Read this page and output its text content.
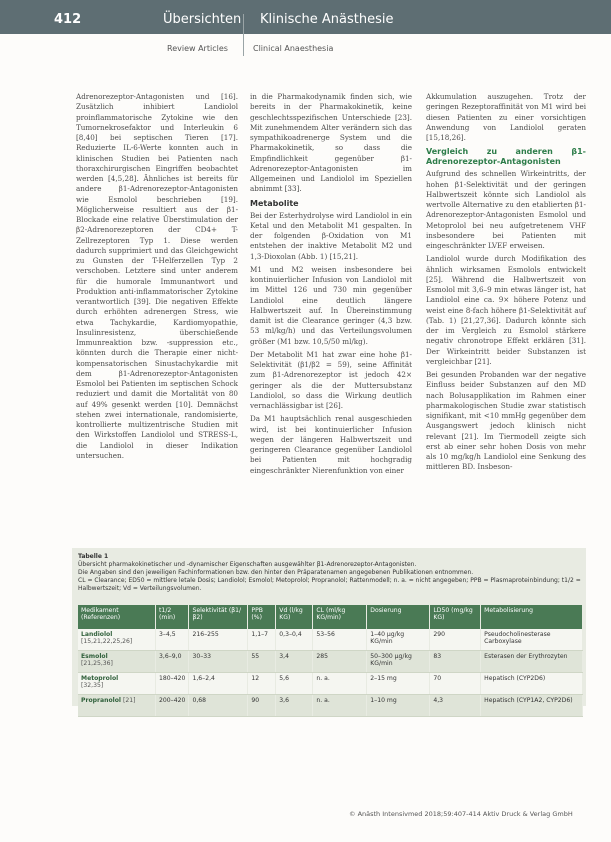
412	Übersichten Klinische Anästhesie
Review Articles	Clinical Anaesthesia

Adrenorezeptor-Antagonisten und [16]. Zusätzlich inhibiert Landiolol proinflammatorische Zytokine wie den Tumornekrosefaktor und Interleukin 6 [8,40] bei septischen Tieren [17]. Reduzierte IL-6-Werte konnten auch in klinischen Studien bei Patienten nach thoraxchirurgischen Eingriffen beobachtet werden [4,5,28]. Ähnliches ist bereits für andere β1-Adrenorezeptor-Antagonisten wie Esmolol beschrieben [19]. Möglicherweise resultiert aus der β1-Blockade eine relative Überstimulation der β2-Adrenorezeptoren der CD4+ T-Zellrezeptoren Typ 1. Diese werden dadurch supprimiert und das Gleichgewicht zu Gunsten der T-Helferzellen Typ 2 verschoben. Letztere sind unter anderem für die humorale Immunantwort und Produktion anti-inflammatorischer Zytokine verantwortlich [39]. Die negativen Effekte durch erhöhten adrenergen Stress, wie etwa Tachykardie, Kardiomyopathie, Insulinresistenz, überschießende Immunreaktion bzw. -suppression etc., könnten durch die Therapie einer nicht-kompensatorischen Sinustachykardie mit dem β1-Adrenorezeptor-Antagonisten Esmolol bei Patienten im septischen Schock reduziert und damit die Mortalität von 80 auf 49% gesenkt werden [10]. Demnächst stehen zwei internationale, randomisierte, kontrollierte multizentrische Studien mit den Wirkstoffen Landiolol und STRESS-L, die Landiolol in dieser Indikation untersuchen.

in die Pharmakodynamik finden sich, wie bereits in der Pharmakokinetik, keine geschlechtsspezifischen Unterschiede [23]. Mit zunehmendem Alter verändern sich das sympathikoadrenerge System und die Pharmakokinetik, so dass die Empfindlichkeit gegenüber β1-Adrenorezeptor-Antagonisten im Allgemeinen und Landiolol im Speziellen abnimmt [33].

Metabolite

Bei der Esterhydrolyse wird Landiolol in ein Ketal und den Metabolit M1 gespalten. In der folgenden β-Oxidation von M1 entstehen der inaktive Metabolit M2 und 1,3-Dioxolan (Abb. 1) [15,21].

M1 und M2 weisen insbesondere bei kontinuierlicher Infusion von Landiolol mit im Mittel 126 und 730 min gegenüber Landiolol eine deutlich längere Halbwertszeit auf. In Übereinstimmung damit ist die Clearance geringer (4,3 bzw. 53 ml/kg/h) und das Verteilungsvolumen größer (M1 bzw. 10,5/50 ml/kg).

Der Metabolit M1 hat zwar eine hohe β1-Selektivität (β1/β2 = 59), seine Affinität zum β1-Adrenorezeptor ist jedoch 42× geringer als die der Muttersubstanz Landiolol, so dass die Wirkung deutlich vernachlässigbar ist [26].

Da M1 hauptsächlich renal ausgeschieden wird, ist bei kontinuierlicher Infusion wegen der längeren Halbwertszeit und geringeren Clearance gegenüber Landiolol bei Patienten mit hochgradig eingeschränkter Nierenfunktion von einer

Akkumulation auszugehen. Trotz der geringen Rezeptoraffinität von M1 wird bei diesen Patienten zu einer vorsichtigen Anwendung von Landiolol geraten [15,18,26].

Vergleich zu anderen β1-Adrenorezeptor-Antagonisten

Aufgrund des schnellen Wirkeintritts, der hohen β1-Selektivität und der geringen Halbwertszeit könnte sich Landiolol als wertvolle Alternative zu den etablierten β1-Adrenorezeptor-Antagonisten Esmolol und Metoprolol bei neu aufgetretenem VHF insbesondere bei Patienten mit eingeschränkter LVEF erweisen.

Landiolol wurde durch Modifikation des ähnlich wirksamen Esmolols entwickelt [25]. Während die Halbwertszeit von Esmolol mit 3,6–9 min etwas länger ist, hat Landiolol eine ca. 9× höhere Potenz und weist eine 8-fach höhere β1-Selektivität auf (Tab. 1) [21,27,36]. Dadurch könnte sich der im Vergleich zu Esmolol stärkere negativ chronotrope Effekt erklären [31]. Der Wirkeintritt beider Substanzen ist vergleichbar [21].

Bei gesunden Probanden war der negative Einfluss beider Substanzen auf den MD nach Bolusapplikation im Rahmen einer pharmakologischen Studie zwar statistisch signifikant, mit <10 mmHg gegenüber dem Ausgangswert jedoch klinisch nicht relevant [21]. Im Tiermodell zeigte sich erst ab einer sehr hohen Dosis von mehr als 10 mg/kg/h Landiolol eine Senkung des mittleren BD. Insbeson-

Tabelle 1

Übersicht pharmakokinetischer und -dynamischer Eigenschaften ausgewählter β1-Adrenorezeptor-Antagonisten.

Die Angaben sind den jeweiligen Fachinformationen bzw. den hinter den Präparatenamen angegebenen Publikationen entnommen.

CL = Clearance; ED50 = mittlere letale Dosis; Landiolol; Esmolol; Metoprolol; Propranolol; Rattenmodell; n. a. = nicht angegeben; PPB = Plasmaproteinbindung; t1/2 = Halbwertszeit; Vd = Verteilungsvolumen.

Medikament (Referenzen)	t1/2 (min)	Selektivität (β1/β2)	PPB (%)	Vd (l/kg KG)	CL (ml/kg KG/min)	Dosierung	LD50 (mg/kg KG)	Metabolisierung
Landiolol
[15,21,22,25,26]	3–4,5	216–255	1,1–7	0,3–0,4	53–56	1–40 μg/kg KG/min	290	Pseudocholinesterase Carboxylase
Esmolol
[21,25,36]	3,6–9,0	30–33	55	3,4	285	50–300 μg/kg KG/min	83	Esterasen der Erythrozyten
Metoprolol
[32,35]	180–420	1,6–2,4	12	5,6	n. a.	2–15 mg	70	Hepatisch (CYP2D6)
Propranolol [21]	200–420	0,68	90	3,6	n. a.	1–10 mg	4,3	Hepatisch (CYP1A2, CYP2D6)
© Anästh Intensivmed 2018;59:407-414 Aktiv Druck & Verlag GmbH
